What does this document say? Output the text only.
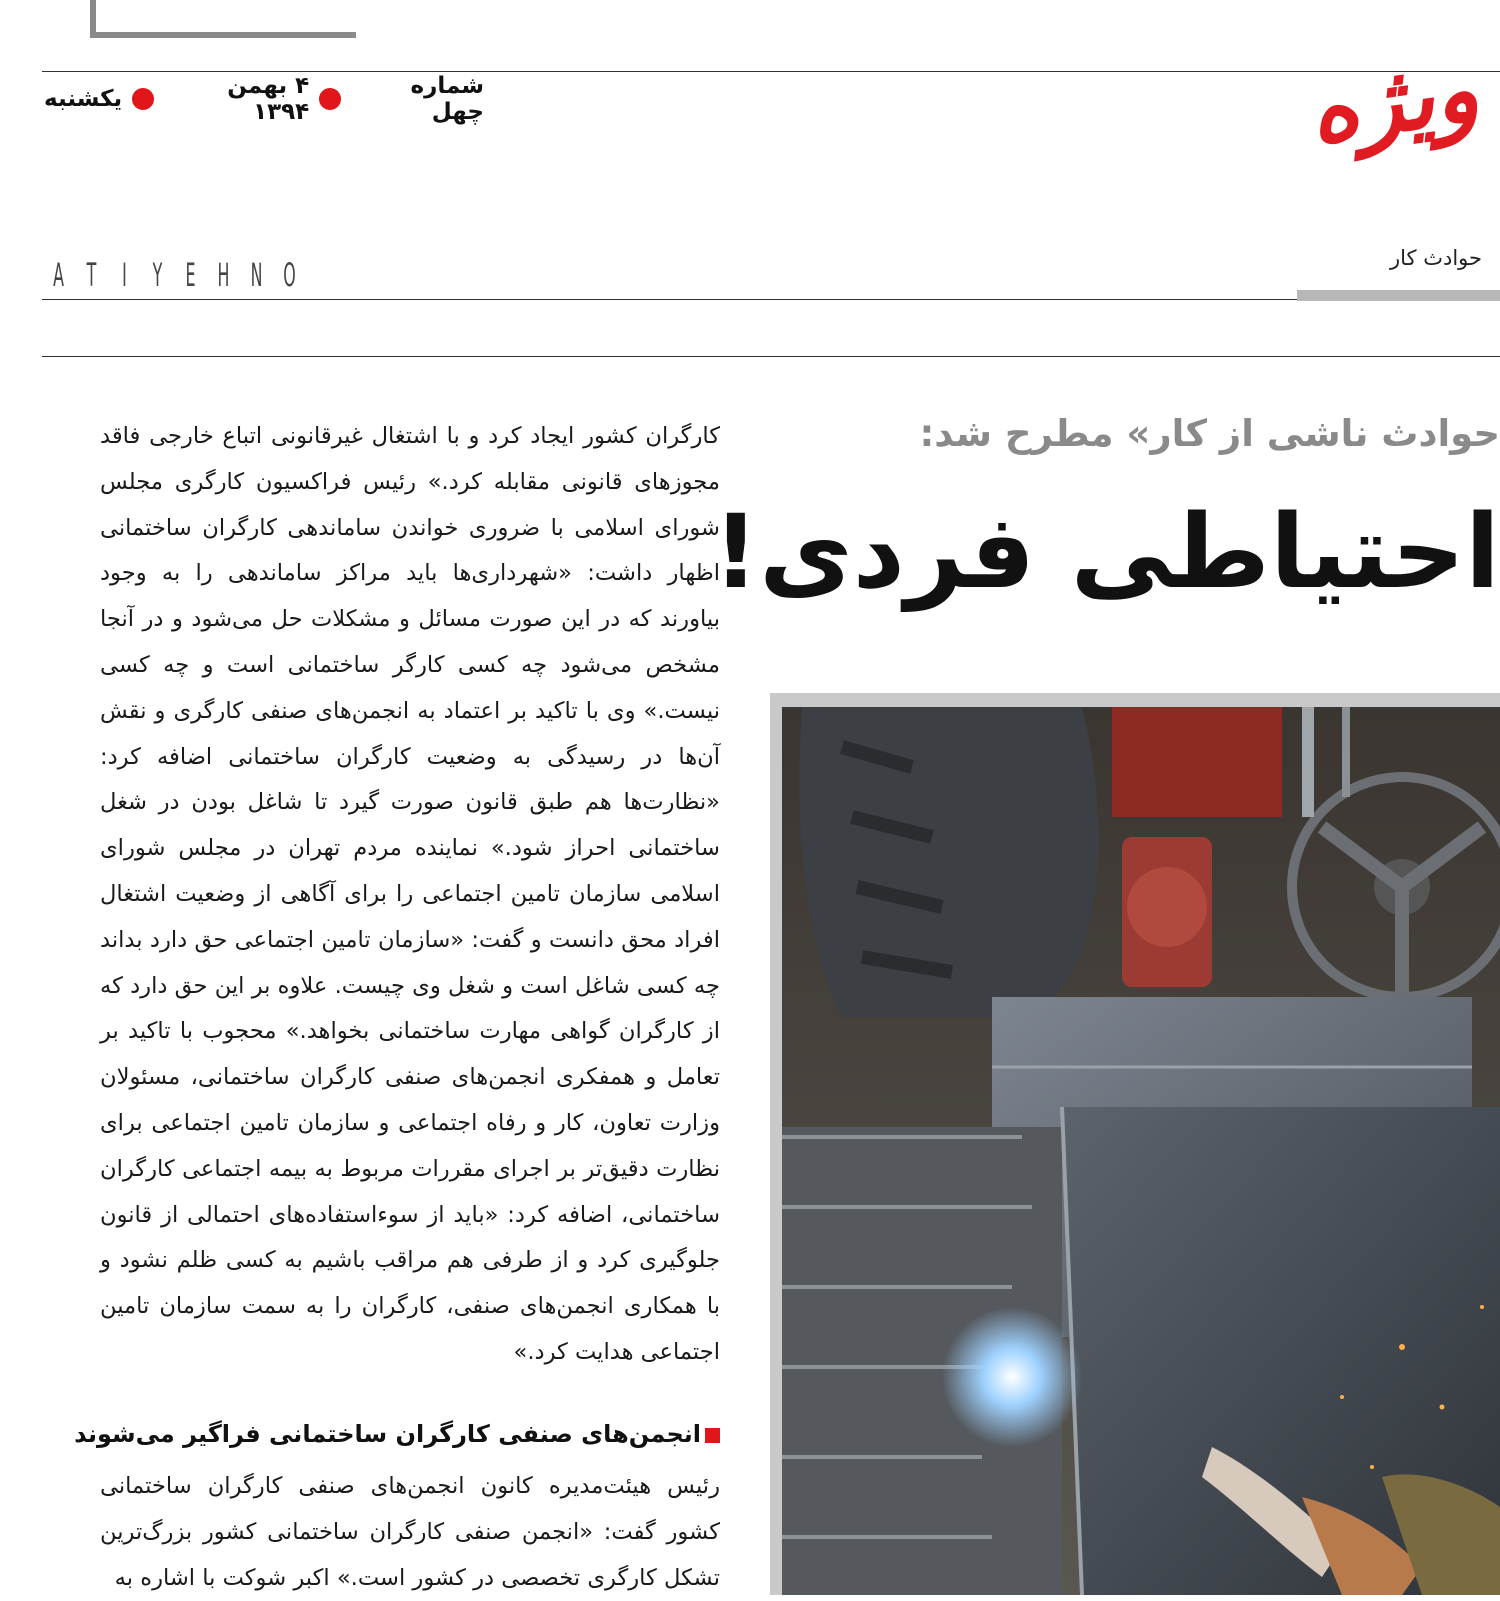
یکشنبه	۴ بهمن ۱۳۹۴
شماره چهل	ویژه
حوادث کار
A T I Y E H N O
حوادث ناشی از کار» مطرح شد:
احتیاطی فردی!
کارگران کشور ایجاد کرد و با اشتغال غیرقانونی اتباع خارجی فاقد مجوزهای قانونی مقابله کرد.» رئیس فراکسیون کارگری مجلس شورای اسلامی با ضروری خواندن ساماندهی کارگران ساختمانی اظهار داشت: «شهرداری‌ها باید مراکز ساماندهی را به وجود بیاورند که در این صورت مسائل و مشکلات حل می‌شود و در آنجا مشخص می‌شود چه کسی کارگر ساختمانی است و چه کسی نیست.» وی با تاکید بر اعتماد به انجمن‌های صنفی کارگری و نقش آن‌ها در رسیدگی به وضعیت کارگران ساختمانی اضافه کرد: «نظارت‌ها هم طبق قانون صورت گیرد تا شاغل بودن در شغل ساختمانی احراز شود.» نماینده مردم تهران در مجلس شورای اسلامی سازمان تامین اجتماعی را برای آگاهی از وضعیت اشتغال افراد محق دانست و گفت: «سازمان تامین اجتماعی حق دارد بداند چه کسی شاغل است و شغل وی چیست. علاوه بر این حق دارد که از کارگران گواهی مهارت ساختمانی بخواهد.» محجوب با تاکید بر تعامل و همفکری انجمن‌های صنفی کارگران ساختمانی، مسئولان وزارت تعاون، کار و رفاه اجتماعی و سازمان تامین اجتماعی برای نظارت دقیق‌تر بر اجرای مقررات مربوط به بیمه اجتماعی کارگران ساختمانی، اضافه کرد: «باید از سوءاستفاده‌های احتمالی از قانون جلوگیری کرد و از طرفی هم مراقب باشیم به کسی ظلم نشود و با همکاری انجمن‌های صنفی، کارگران را به سمت سازمان تامین اجتماعی هدایت کرد.»
انجمن‌های صنفی کارگران ساختمانی فراگیر می‌شوند
رئیس هیئت‌مدیره کانون انجمن‌های صنفی کارگران ساختمانی کشور گفت: «انجمن صنفی کارگران ساختمانی کشور بزرگ‌ترین تشکل کارگری تخصصی در کشور است.» اکبر شوکت با اشاره به
